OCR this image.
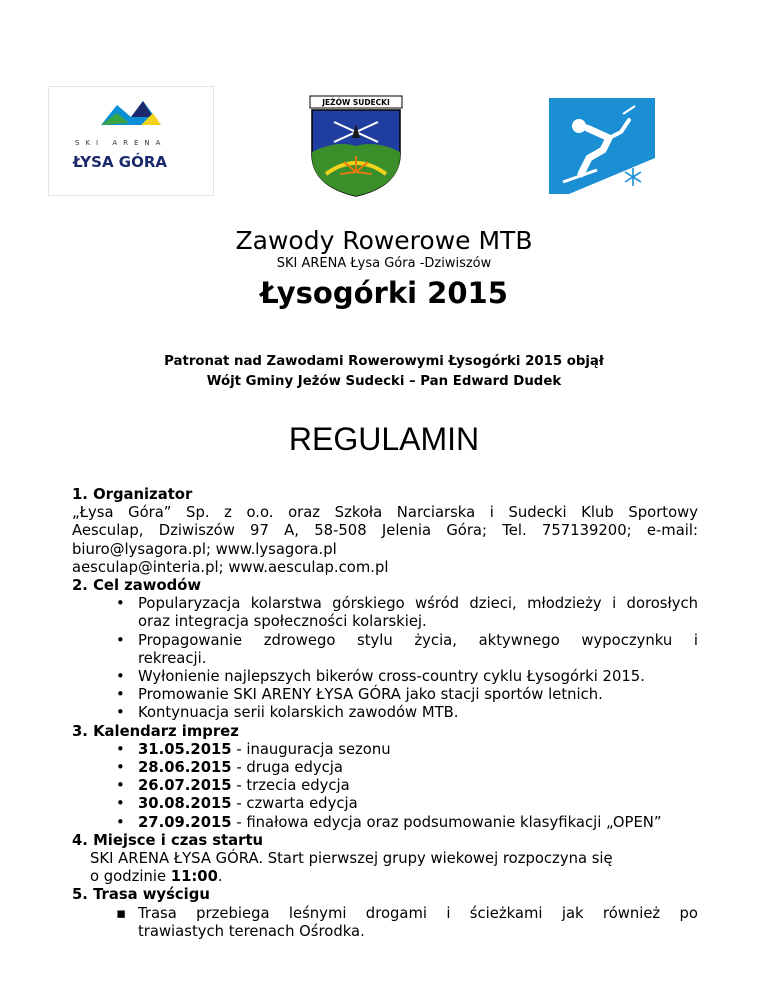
SKI ARENA
ŁYSA GÓRA
JEŻÓW SUDECKI
Zawody Rowerowe MTB
SKI ARENA Łysa Góra -Dziwiszów
Łysogórki 2015
Patronat nad Zawodami Rowerowymi Łysogórki 2015 objął
Wójt Gminy Jeżów Sudecki – Pan Edward Dudek
REGULAMIN
1. Organizator
„Łysa Góra” Sp. z o.o. oraz Szkoła Narciarska i Sudecki Klub Sportowy
Aesculap, Dziwiszów 97 A, 58-508 Jelenia Góra; Tel. 757139200; e-mail:
biuro@lysagora.pl; www.lysagora.pl
aesculap@interia.pl; www.aesculap.com.pl
2. Cel zawodów
• Popularyzacja kolarstwa górskiego wśród dzieci, młodzieży i dorosłych
oraz integracja społeczności kolarskiej.
• Propagowanie zdrowego stylu życia, aktywnego wypoczynku i
rekreacji.
• Wyłonienie najlepszych bikerów cross-country cyklu Łysogórki 2015.
• Promowanie SKI ARENY ŁYSA GÓRA jako stacji sportów letnich.
• Kontynuacja serii kolarskich zawodów MTB.
3. Kalendarz imprez
• 31.05.2015 - inauguracja sezonu
• 28.06.2015 - druga edycja
• 26.07.2015 - trzecia edycja
• 30.08.2015 - czwarta edycja
• 27.09.2015 - finałowa edycja oraz podsumowanie klasyfikacji „OPEN”
4. Miejsce i czas startu
SKI ARENA ŁYSA GÓRA. Start pierwszej grupy wiekowej rozpoczyna się
o godzinie 11:00.
5. Trasa wyścigu
▪ Trasa przebiega leśnymi drogami i ścieżkami jak również po
trawiastych terenach Ośrodka.
